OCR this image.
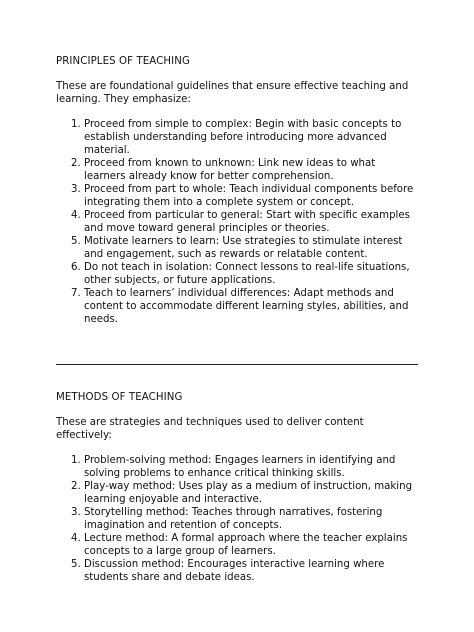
PRINCIPLES OF TEACHING

These are foundational guidelines that ensure effective teaching and learning. They emphasize:

1. Proceed from simple to complex: Begin with basic concepts to establish understanding before introducing more advanced material.
2. Proceed from known to unknown: Link new ideas to what learners already know for better comprehension.
3. Proceed from part to whole: Teach individual components before integrating them into a complete system or concept.
4. Proceed from particular to general: Start with specific examples and move toward general principles or theories.
5. Motivate learners to learn: Use strategies to stimulate interest and engagement, such as rewards or relatable content.
6. Do not teach in isolation: Connect lessons to real-life situations, other subjects, or future applications.
7. Teach to learners’ individual differences: Adapt methods and content to accommodate different learning styles, abilities, and needs.
METHODS OF TEACHING

These are strategies and techniques used to deliver content effectively:

1. Problem-solving method: Engages learners in identifying and solving problems to enhance critical thinking skills.
2. Play-way method: Uses play as a medium of instruction, making learning enjoyable and interactive.
3. Storytelling method: Teaches through narratives, fostering imagination and retention of concepts.
4. Lecture method: A formal approach where the teacher explains concepts to a large group of learners.
5. Discussion method: Encourages interactive learning where students share and debate ideas.
